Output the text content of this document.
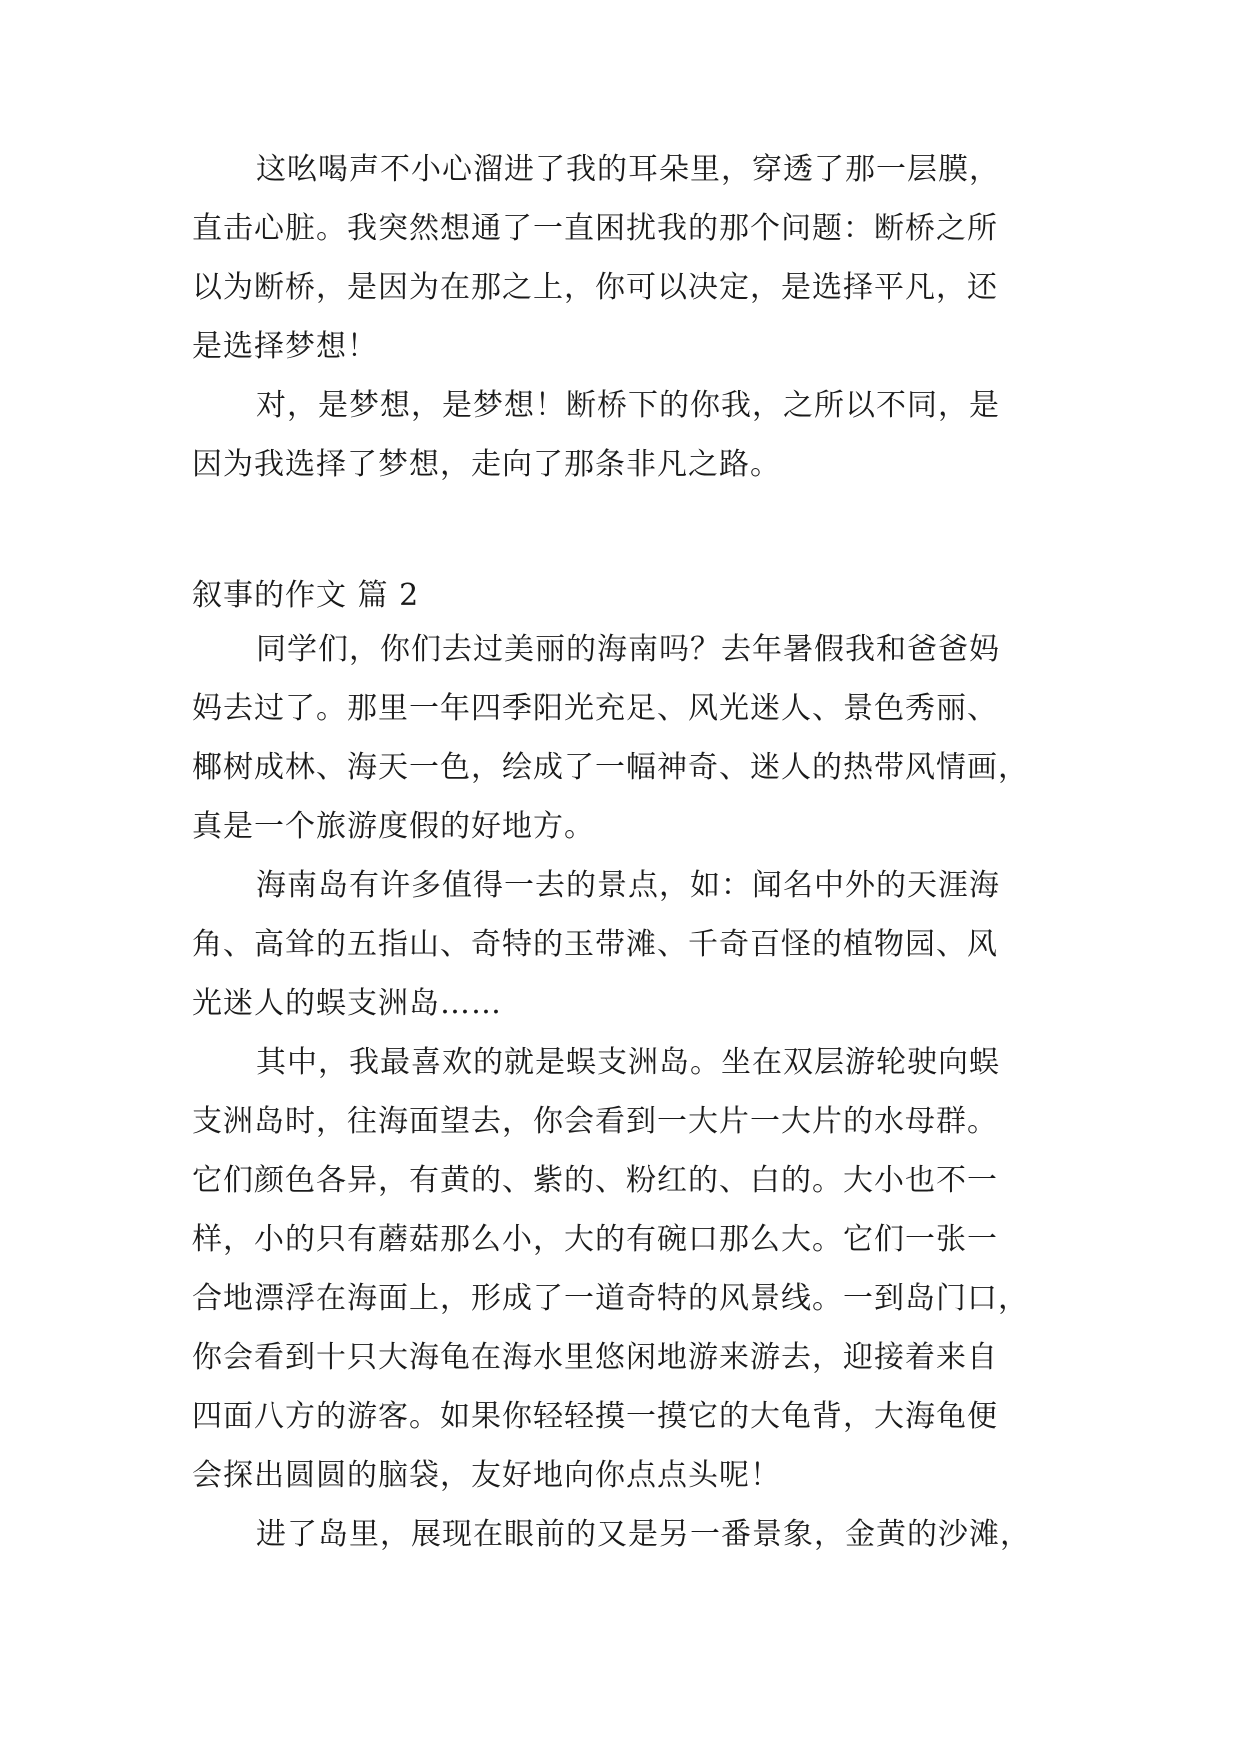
这吆喝声不小心溜进了我的耳朵里，穿透了那一层膜，
直击心脏。我突然想通了一直困扰我的那个问题：断桥之所
以为断桥，是因为在那之上，你可以决定，是选择平凡，还
是选择梦想！
对，是梦想，是梦想！断桥下的你我，之所以不同，是
因为我选择了梦想，走向了那条非凡之路。
叙事的作文 篇 2
同学们，你们去过美丽的海南吗？去年暑假我和爸爸妈
妈去过了。那里一年四季阳光充足、风光迷人、景色秀丽、
椰树成林、海天一色，绘成了一幅神奇、迷人的热带风情画，
真是一个旅游度假的好地方。
海南岛有许多值得一去的景点，如：闻名中外的天涯海
角、高耸的五指山、奇特的玉带滩、千奇百怪的植物园、风
光迷人的蜈支洲岛……
其中，我最喜欢的就是蜈支洲岛。坐在双层游轮驶向蜈
支洲岛时，往海面望去，你会看到一大片一大片的水母群。
它们颜色各异，有黄的、紫的、粉红的、白的。大小也不一
样，小的只有蘑菇那么小，大的有碗口那么大。它们一张一
合地漂浮在海面上，形成了一道奇特的风景线。一到岛门口，
你会看到十只大海龟在海水里悠闲地游来游去，迎接着来自
四面八方的游客。如果你轻轻摸一摸它的大龟背，大海龟便
会探出圆圆的脑袋，友好地向你点点头呢！
进了岛里，展现在眼前的又是另一番景象，金黄的沙滩，
